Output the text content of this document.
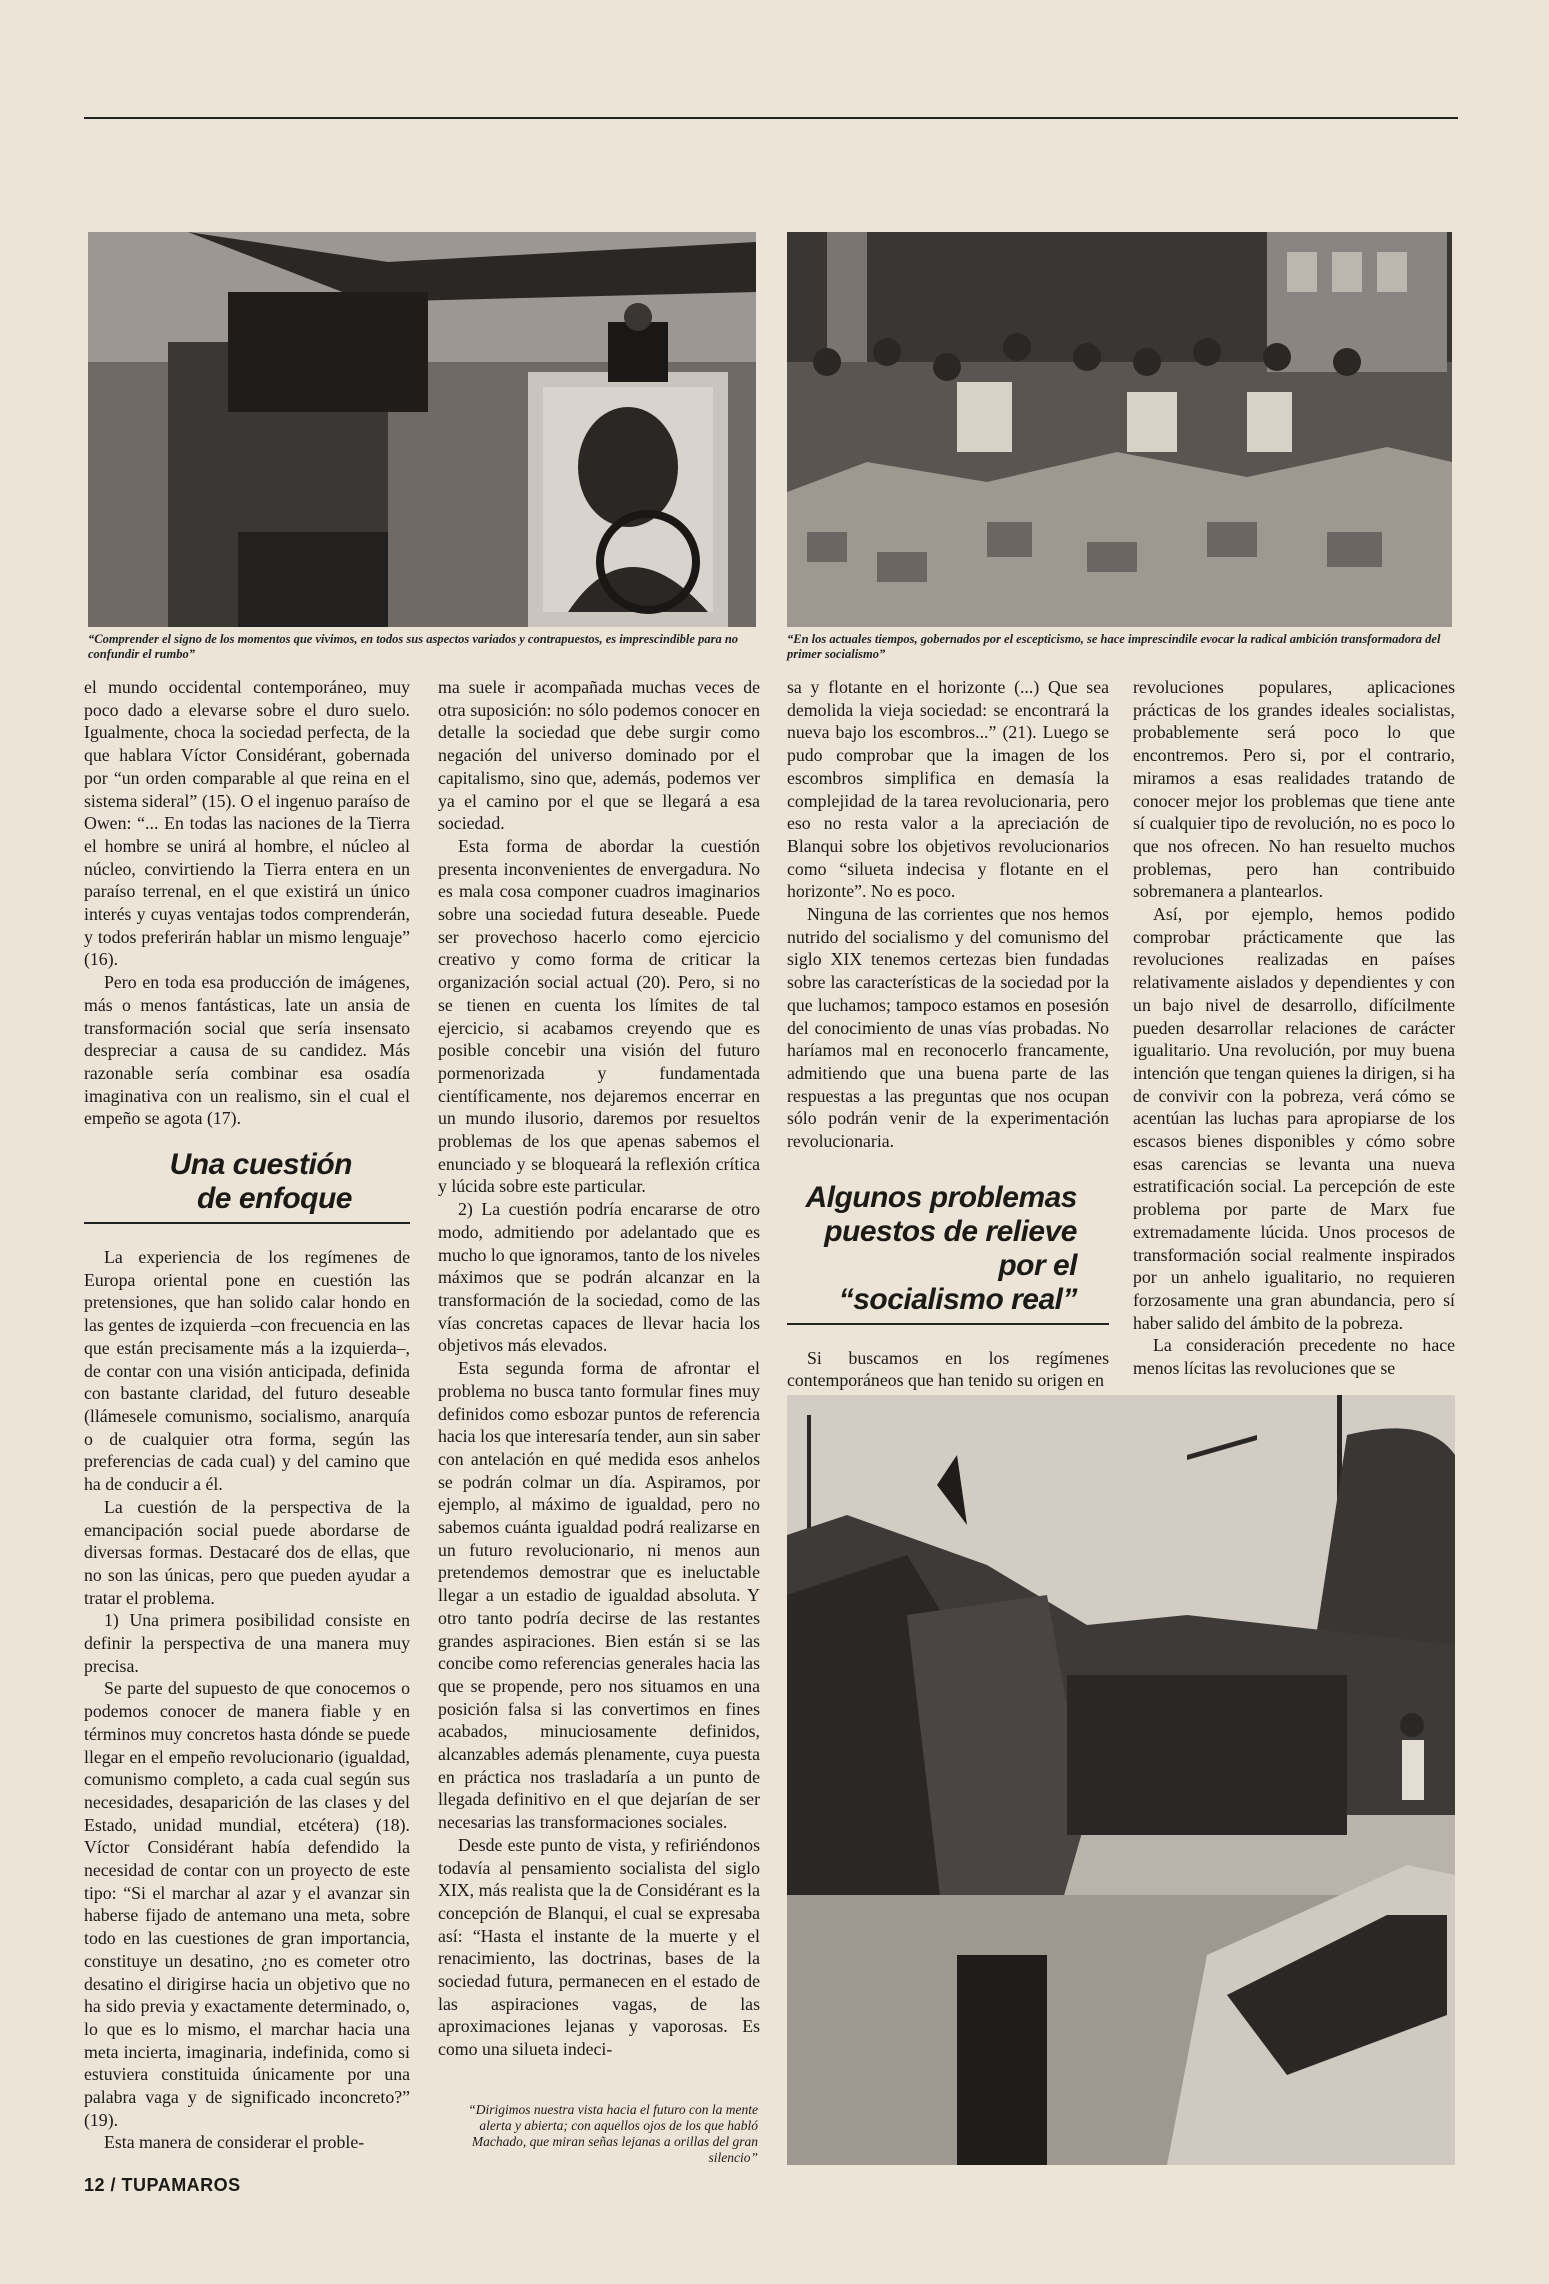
“Comprender el signo de los momentos que vivimos, en todos sus aspectos variados y contrapuestos, es imprescindible para no confundir el rumbo”
“En los actuales tiempos, gobernados por el escepticismo, se hace imprescindile evocar la radical ambición transformadora del primer socialismo”

el mundo occidental contemporáneo, muy poco dado a elevarse sobre el duro suelo. Igualmente, choca la sociedad perfecta, de la que hablara Víctor Considérant, gobernada por “un orden comparable al que reina en el sistema sideral” (15). O el ingenuo paraíso de Owen: “... En todas las naciones de la Tierra el hombre se unirá al hombre, el núcleo al núcleo, convirtiendo la Tierra entera en un paraíso terrenal, en el que existirá un único interés y cuyas ventajas todos comprenderán, y todos preferirán hablar un mismo lenguaje” (16).

Pero en toda esa producción de imágenes, más o menos fantásticas, late un ansia de transformación social que sería insensato despreciar a causa de su candidez. Más razonable sería combinar esa osadía imaginativa con un realismo, sin el cual el empeño se agota (17).

Una cuestión
de enfoque

La experiencia de los regímenes de Europa oriental pone en cuestión las pretensiones, que han solido calar hondo en las gentes de izquierda –con frecuencia en las que están precisamente más a la izquierda–, de contar con una visión anticipada, definida con bastante claridad, del futuro deseable (llámesele comunismo, socialismo, anarquía o de cualquier otra forma, según las preferencias de cada cual) y del camino que ha de conducir a él.

La cuestión de la perspectiva de la emancipación social puede abordarse de diversas formas. Destacaré dos de ellas, que no son las únicas, pero que pueden ayudar a tratar el problema.

1) Una primera posibilidad consiste en definir la perspectiva de una manera muy precisa.

Se parte del supuesto de que conocemos o podemos conocer de manera fiable y en términos muy concretos hasta dónde se puede llegar en el empeño revolucionario (igualdad, comunismo completo, a cada cual según sus necesidades, desaparición de las clases y del Estado, unidad mundial, etcétera) (18). Víctor Considérant había defendido la necesidad de contar con un proyecto de este tipo: “Si el marchar al azar y el avanzar sin haberse fijado de antemano una meta, sobre todo en las cuestiones de gran importancia, constituye un desatino, ¿no es cometer otro desatino el dirigirse hacia un objetivo que no ha sido previa y exactamente determinado, o, lo que es lo mismo, el marchar hacia una meta incierta, imaginaria, indefinida, como si estuviera constituida únicamente por una palabra vaga y de significado inconcreto?” (19).

Esta manera de considerar el proble-

ma suele ir acompañada muchas veces de otra suposición: no sólo podemos conocer en detalle la sociedad que debe surgir como negación del universo dominado por el capitalismo, sino que, además, podemos ver ya el camino por el que se llegará a esa sociedad.

Esta forma de abordar la cuestión presenta inconvenientes de envergadura. No es mala cosa componer cuadros imaginarios sobre una sociedad futura deseable. Puede ser provechoso hacerlo como ejercicio creativo y como forma de criticar la organización social actual (20). Pero, si no se tienen en cuenta los límites de tal ejercicio, si acabamos creyendo que es posible concebir una visión del futuro pormenorizada y fundamentada científicamente, nos dejaremos encerrar en un mundo ilusorio, daremos por resueltos problemas de los que apenas sabemos el enunciado y se bloqueará la reflexión crítica y lúcida sobre este particular.

2) La cuestión podría encararse de otro modo, admitiendo por adelantado que es mucho lo que ignoramos, tanto de los niveles máximos que se podrán alcanzar en la transformación de la sociedad, como de las vías concretas capaces de llevar hacia los objetivos más elevados.

Esta segunda forma de afrontar el problema no busca tanto formular fines muy definidos como esbozar puntos de referencia hacia los que interesaría tender, aun sin saber con antelación en qué medida esos anhelos se podrán colmar un día. Aspiramos, por ejemplo, al máximo de igualdad, pero no sabemos cuánta igualdad podrá realizarse en un futuro revolucionario, ni menos aun pretendemos demostrar que es ineluctable llegar a un estadio de igualdad absoluta. Y otro tanto podría decirse de las restantes grandes aspiraciones. Bien están si se las concibe como referencias generales hacia las que se propende, pero nos situamos en una posición falsa si las convertimos en fines acabados, minuciosamente definidos, alcanzables además plenamente, cuya puesta en práctica nos trasladaría a un punto de llegada definitivo en el que dejarían de ser necesarias las transformaciones sociales.

Desde este punto de vista, y refiriéndonos todavía al pensamiento socialista del siglo XIX, más realista que la de Considérant es la concepción de Blanqui, el cual se expresaba así: “Hasta el instante de la muerte y el renacimiento, las doctrinas, bases de la sociedad futura, permanecen en el estado de las aspiraciones vagas, de las aproximaciones lejanas y vaporosas. Es como una silueta indeci-

“Dirigimos nuestra vista hacia el futuro con la mente alerta y abierta; con aquellos ojos de los que habló Machado, que miran señas lejanas a orillas del gran silencio”

sa y flotante en el horizonte (...) Que sea demolida la vieja sociedad: se encontrará la nueva bajo los escombros...” (21). Luego se pudo comprobar que la imagen de los escombros simplifica en demasía la complejidad de la tarea revolucionaria, pero eso no resta valor a la apreciación de Blanqui sobre los objetivos revolucionarios como “silueta indecisa y flotante en el horizonte”. No es poco.

Ninguna de las corrientes que nos hemos nutrido del socialismo y del comunismo del siglo XIX tenemos certezas bien fundadas sobre las características de la sociedad por la que luchamos; tampoco estamos en posesión del conocimiento de unas vías probadas. No haríamos mal en reconocerlo francamente, admitiendo que una buena parte de las respuestas a las preguntas que nos ocupan sólo podrán venir de la experimentación revolucionaria.

Algunos problemas
puestos de relieve
por el
“socialismo real”

Si buscamos en los regímenes contemporáneos que han tenido su origen en

revoluciones populares, aplicaciones prácticas de los grandes ideales socialistas, probablemente será poco lo que encontremos. Pero si, por el contrario, miramos a esas realidades tratando de conocer mejor los problemas que tiene ante sí cualquier tipo de revolución, no es poco lo que nos ofrecen. No han resuelto muchos problemas, pero han contribuido sobremanera a plantearlos.

Así, por ejemplo, hemos podido comprobar prácticamente que las revoluciones realizadas en países relativamente aislados y dependientes y con un bajo nivel de desarrollo, difícilmente pueden desarrollar relaciones de carácter igualitario. Una revolución, por muy buena intención que tengan quienes la dirigen, si ha de convivir con la pobreza, verá cómo se acentúan las luchas para apropiarse de los escasos bienes disponibles y cómo sobre esas carencias se levanta una nueva estratificación social. La percepción de este problema por parte de Marx fue extremadamente lúcida. Unos procesos de transformación social realmente inspirados por un anhelo igualitario, no requieren forzosamente una gran abundancia, pero sí haber salido del ámbito de la pobreza.

La consideración precedente no hace menos lícitas las revoluciones que se

12 / TUPAMAROS
